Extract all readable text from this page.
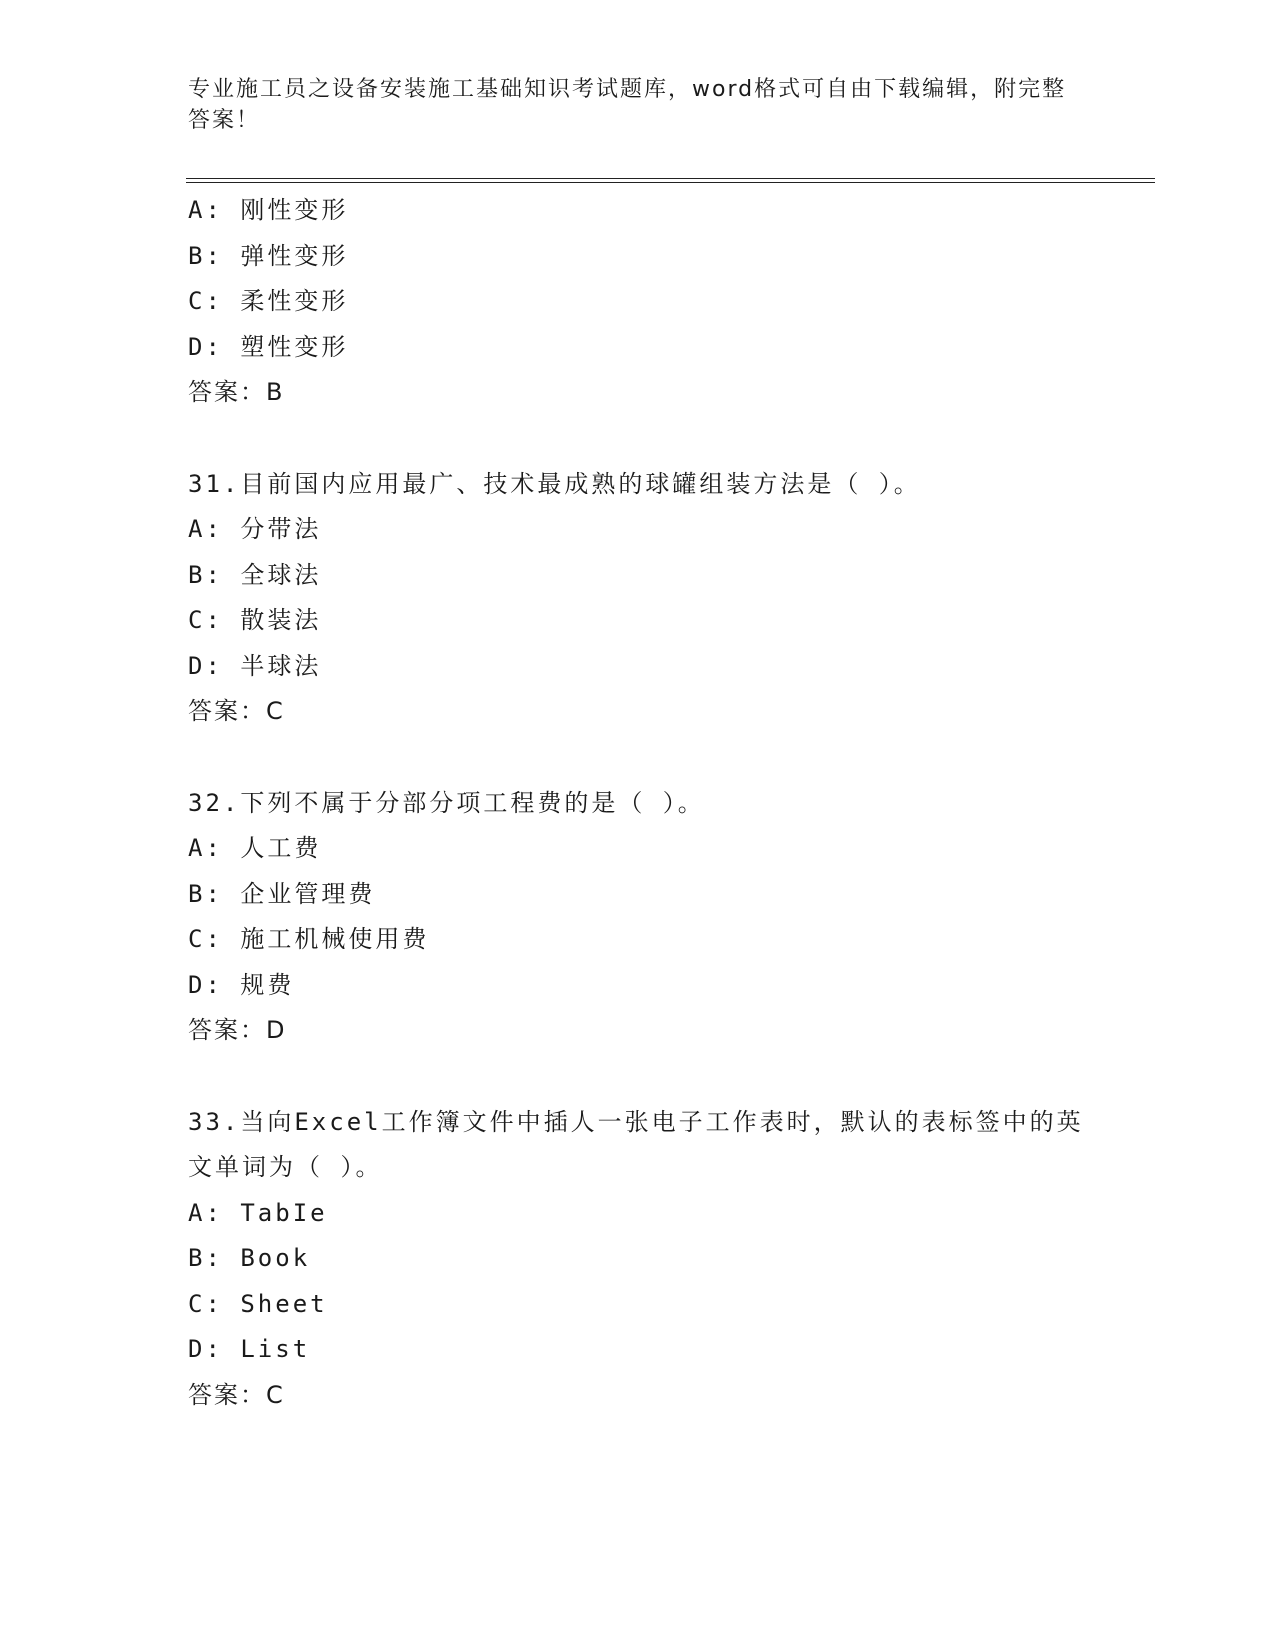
专业施工员之设备安装施工基础知识考试题库，word格式可自由下载编辑，附完整答案！
A: 刚性变形
B: 弹性变形
C: 柔性变形
D: 塑性变形
答案：B
31.目前国内应用最广、技术最成熟的球罐组装方法是（ ）。
A: 分带法
B: 全球法
C: 散装法
D: 半球法
答案：C
32.下列不属于分部分项工程费的是（ ）。
A: 人工费
B: 企业管理费
C: 施工机械使用费
D: 规费
答案：D
33.当向Excel工作簿文件中插人一张电子工作表时，默认的表标签中的英文单词为（ ）。
A: TabIe
B: Book
C: Sheet
D: List
答案：C
